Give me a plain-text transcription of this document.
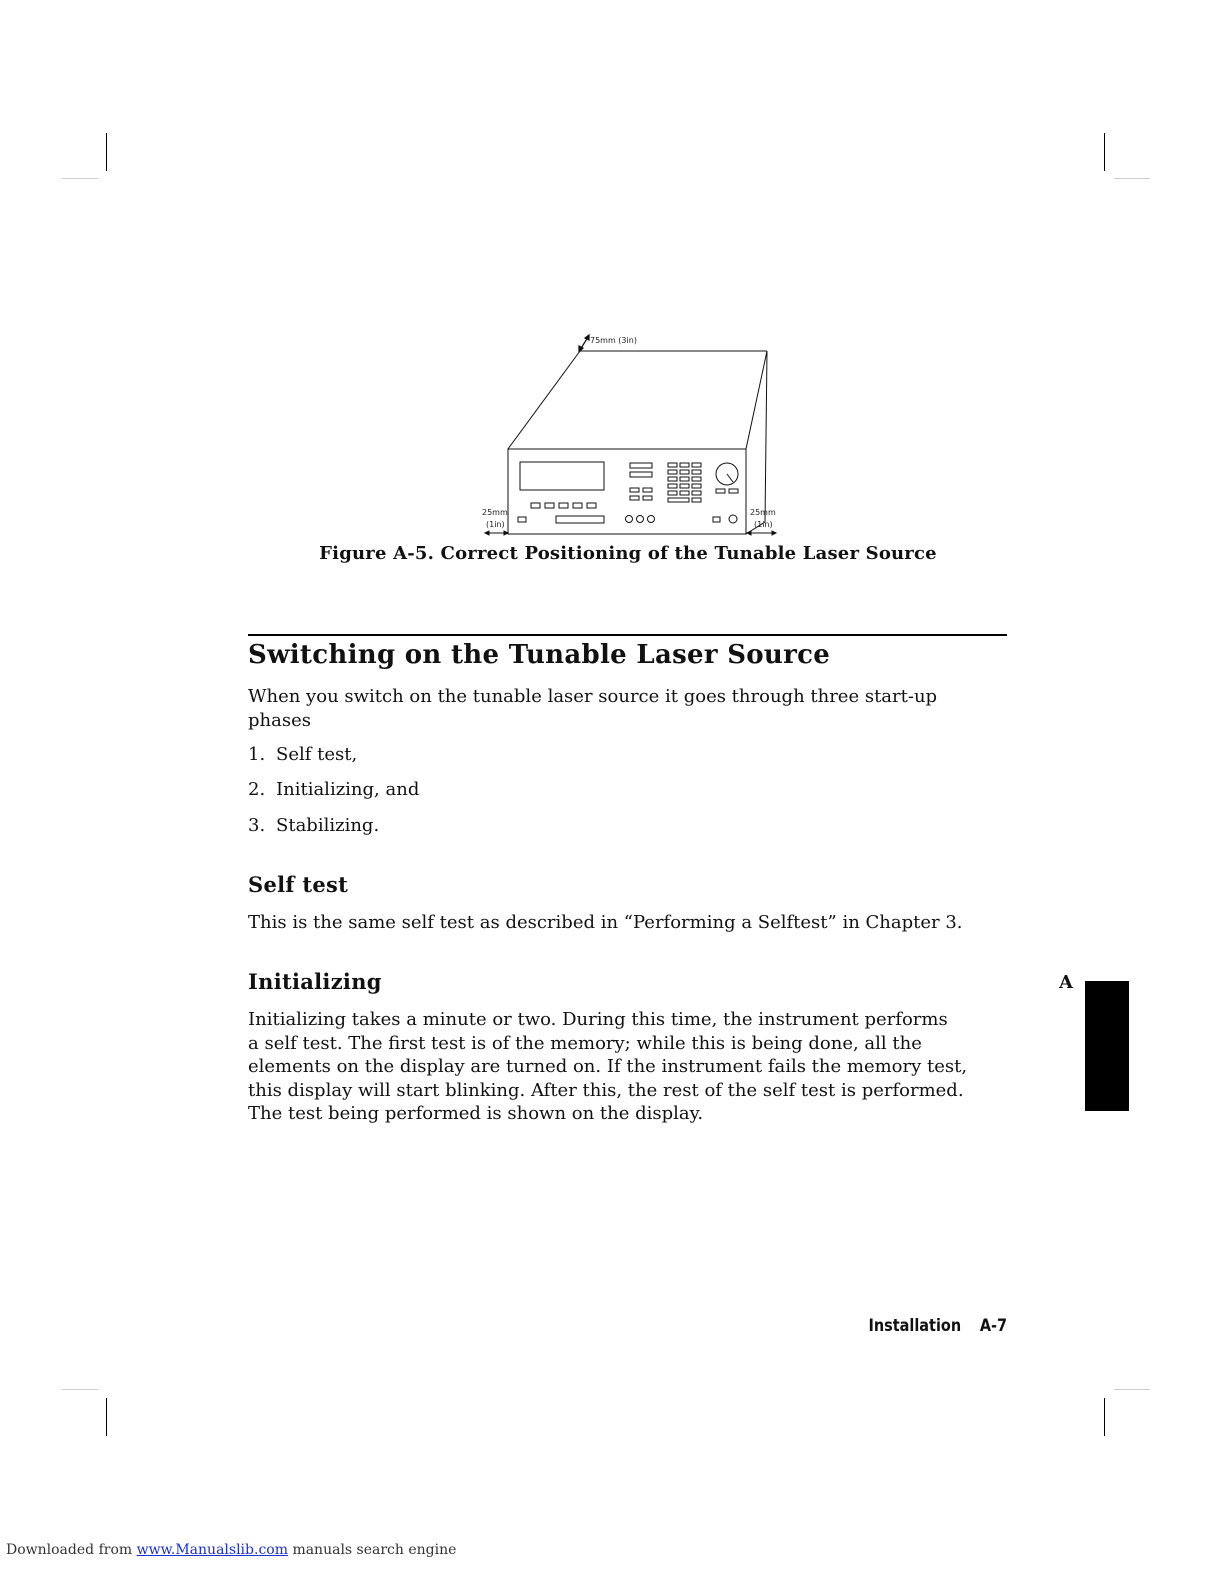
75mm (3in)
25mm
(1in)
25mm
(1in)
Figure A-5. Correct Positioning of the Tunable Laser Source
Switching on the Tunable Laser Source

When you switch on the tunable laser source it goes through three start-up
phases

1. Self test,
2. Initializing, and
3. Stabilizing.
Self test

This is the same self test as described in “Performing a Selftest” in Chapter 3.

Initializing

Initializing takes a minute or two. During this time, the instrument performs
a self test. The first test is of the memory; while this is being done, all the
elements on the display are turned on. If the instrument fails the memory test,
this display will start blinking. After this, the rest of the self test is performed.
The test being performed is shown on the display.

A
Installation A-7
Downloaded from www.Manualslib.com manuals search engine
